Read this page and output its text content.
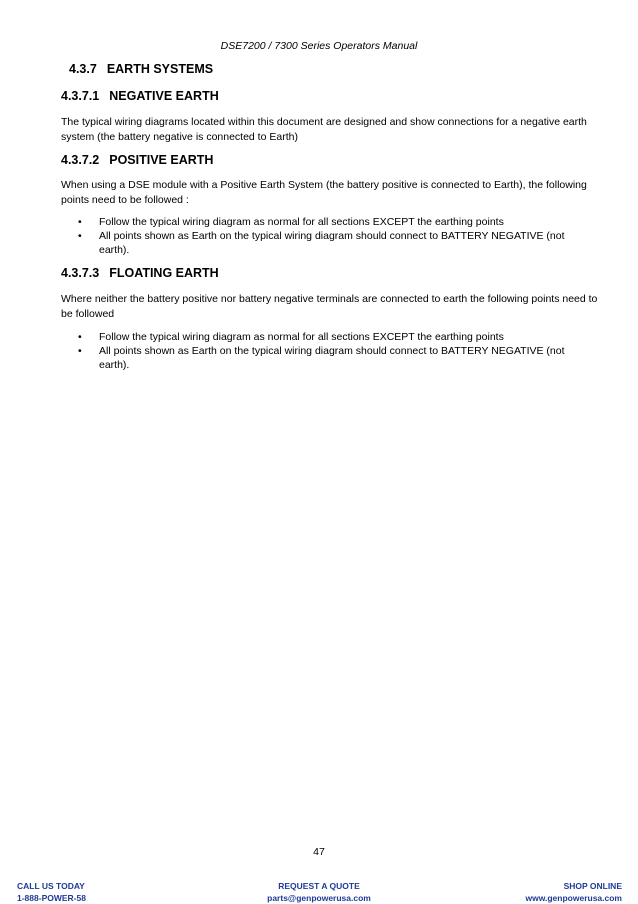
DSE7200 / 7300 Series Operators Manual
4.3.7 EARTH SYSTEMS
4.3.7.1 NEGATIVE EARTH
The typical wiring diagrams located within this document are designed and show connections for a negative earth system (the battery negative is connected to Earth)
4.3.7.2 POSITIVE EARTH
When using a DSE module with a Positive Earth System (the battery positive is connected to Earth), the following points need to be followed :
• Follow the typical wiring diagram as normal for all sections EXCEPT the earthing points
• All points shown as Earth on the typical wiring diagram should connect to BATTERY NEGATIVE (not earth).
4.3.7.3 FLOATING EARTH
Where neither the battery positive nor battery negative terminals are connected to earth the following points need to be followed
• Follow the typical wiring diagram as normal for all sections EXCEPT the earthing points
• All points shown as Earth on the typical wiring diagram should connect to BATTERY NEGATIVE (not earth).
47
CALL US TODAY
1-888-POWER-58
REQUEST A QUOTE
parts@genpowerusa.com
SHOP ONLINE
www.genpowerusa.com
